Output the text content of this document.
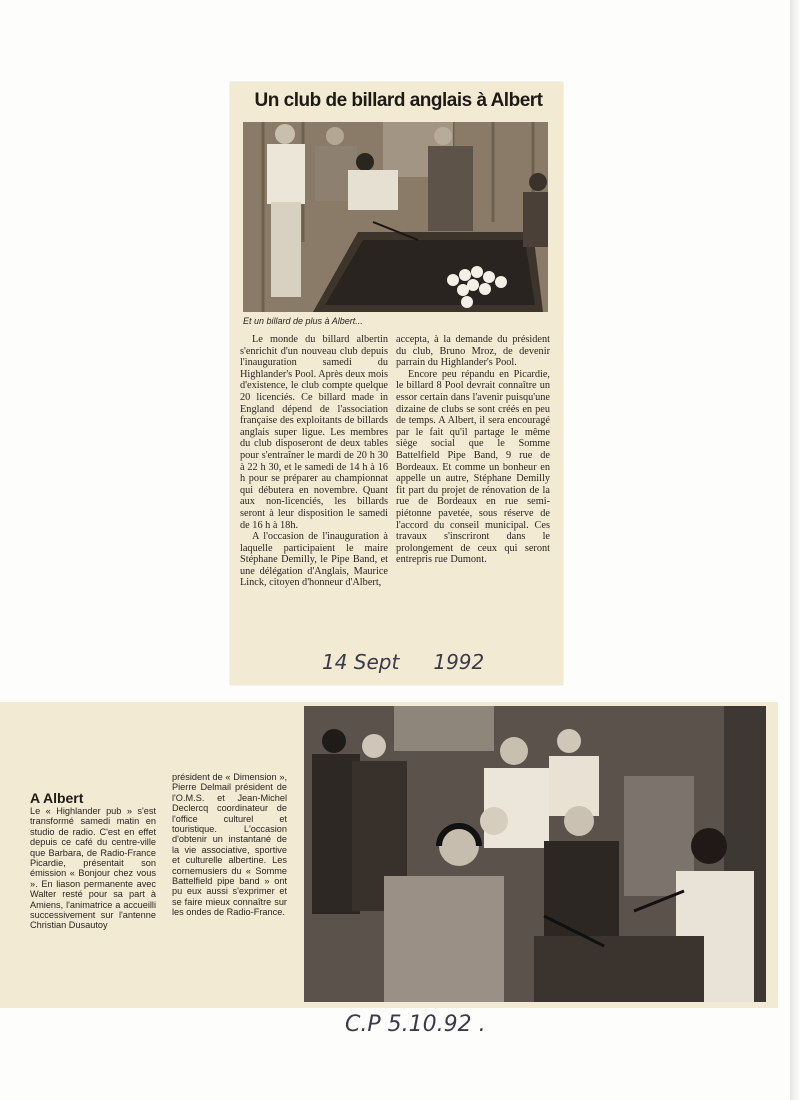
Un club de billard anglais à Albert
Et un billard de plus à Albert...

Le monde du billard albertin s'enrichit d'un nouveau club depuis l'inauguration samedi du Highlander's Pool. Après deux mois d'existence, le club compte quelque 20 licenciés. Ce billard made in England dépend de l'association française des exploitants de billards anglais super ligue. Les membres du club disposeront de deux tables pour s'entraîner le mardi de 20 h 30 à 22 h 30, et le samedi de 14 h à 16 h pour se préparer au championnat qui débutera en novembre. Quant aux non-licenciés, les billards seront à leur disposition le samedi de 16 h à 18h.

A l'occasion de l'inauguration à laquelle participaient le maire Stéphane Demilly, le Pipe Band, et une délégation d'Anglais, Maurice Linck, citoyen d'honneur d'Albert,

accepta, à la demande du président du club, Bruno Mroz, de devenir parrain du Highlander's Pool.

Encore peu répandu en Picardie, le billard 8 Pool devrait connaître un essor certain dans l'avenir puisqu'une dizaine de clubs se sont créés en peu de temps. A Albert, il sera encouragé par le fait qu'il partage le même siège social que le Somme Battelfield Pipe Band, 9 rue de Bordeaux. Et comme un bonheur en appelle un autre, Stéphane Demilly fit part du projet de rénovation de la rue de Bordeaux en rue semi-piétonne pavetée, sous réserve de l'accord du conseil municipal. Ces travaux s'inscriront dans le prolongement de ceux qui seront entrepris rue Dumont.

14 Sept 1992
A Albert
Le « Highlander pub » s'est transformé samedi matin en studio de radio. C'est en effet depuis ce café du centre-ville que Barbara, de Radio-France Picardie, présentait son émission « Bonjour chez vous ». En liason permanente avec Walter resté pour sa part à Amiens, l'animatrice a accueilli successivement sur l'antenne Christian Dusautoy
président de « Dimension », Pierre Delmail président de l'O.M.S. et Jean-Michel Declercq coordinateur de l'office culturel et touristique. L'occasion d'obtenir un instantané de la vie associative, sportive et culturelle albertine. Les cornemusiers du « Somme Battelfield pipe band » ont pu eux aussi s'exprimer et se faire mieux connaître sur les ondes de Radio-France.
C.P 5.10.92 .
